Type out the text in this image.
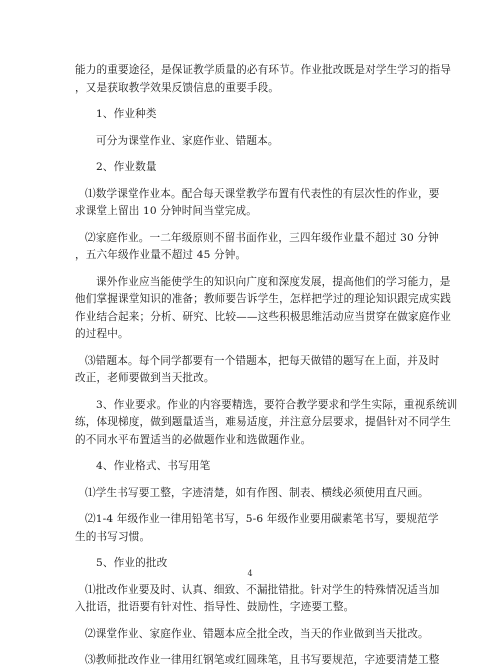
能力的重要途径，是保证教学质量的必有环节。作业批改既是对学生学习的指导
，又是获取教学效果反馈信息的重要手段。
1、作业种类
可分为课堂作业、家庭作业、错题本。
2、作业数量
⑴数学课堂作业本。配合每天课堂教学布置有代表性的有层次性的作业，要
求课堂上留出 10 分钟时间当堂完成。
⑵家庭作业。一二年级原则不留书面作业，三四年级作业量不超过 30 分钟
，五六年级作业量不超过 45 分钟。
课外作业应当能使学生的知识向广度和深度发展，提高他们的学习能力，是
他们掌握课堂知识的准备；教师要告诉学生，怎样把学过的理论知识跟完成实践
作业结合起来；分析、研究、比较——这些积极思维活动应当贯穿在做家庭作业
的过程中。
⑶错题本。每个同学都要有一个错题本，把每天做错的题写在上面，并及时
改正，老师要做到当天批改。
3、作业要求。作业的内容要精选，要符合教学要求和学生实际，重视系统训
练，体现梯度，做到题量适当，难易适度，并注意分层要求，提倡针对不同学生
的不同水平布置适当的必做题作业和选做题作业。
4、作业格式、书写用笔
⑴学生书写要工整，字迹清楚，如有作图、制表、横线必须使用直尺画。
⑵1-4 年级作业一律用铅笔书写，5-6 年级作业要用碳素笔书写，要规范学
生的书写习惯。
5、作业的批改
⑴批改作业要及时、认真、细致、不漏批错批。针对学生的特殊情况适当加
入批语，批语要有针对性、指导性、鼓励性，字迹要工整。
⑵课堂作业、家庭作业、错题本应全批全改，当天的作业做到当天批改。
⑶教师批改作业一律用红钢笔或红圆珠笔，且书写要规范，字迹要清楚工整
4
